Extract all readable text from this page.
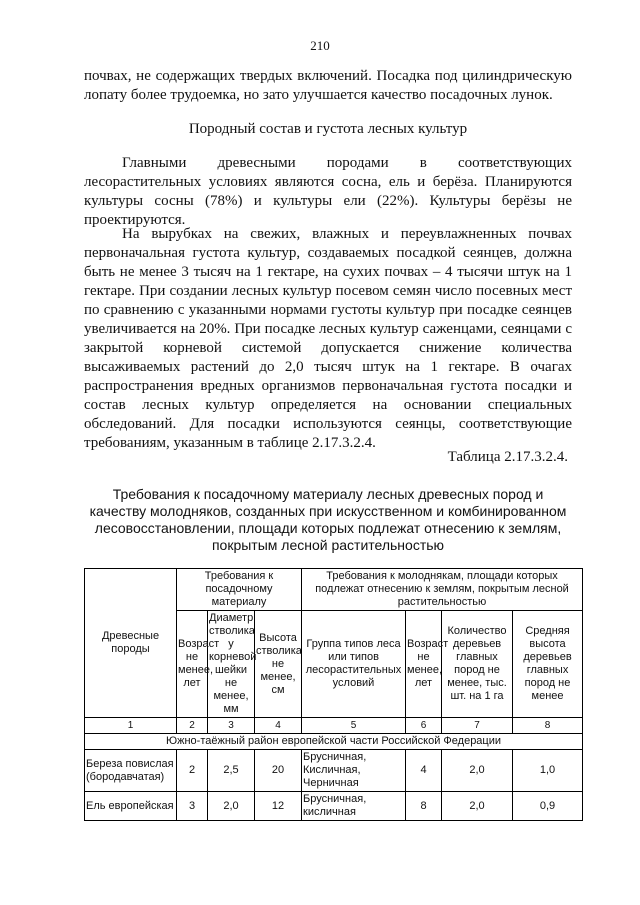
210
почвах, не содержащих твердых включений. Посадка под цилиндрическую лопату более трудоемка, но зато улучшается качество посадочных лунок.
Породный состав и густота лесных культур
Главными древесными породами в соответствующих лесорастительных условиях являются сосна, ель и берёза. Планируются культуры сосны (78%) и культуры ели (22%). Культуры берёзы не проектируются.
На вырубках на свежих, влажных и переувлажненных почвах первоначальная густота культур, создаваемых посадкой сеянцев, должна быть не менее 3 тысяч на 1 гектаре, на сухих почвах – 4 тысячи штук на 1 гектаре. При создании лесных культур посевом семян число посевных мест по сравнению с указанными нормами густоты культур при посадке сеянцев увеличивается на 20%. При посадке лесных культур саженцами, сеянцами с закрытой корневой системой допускается снижение количества высаживаемых растений до 2,0 тысяч штук на 1 гектаре. В очагах распространения вредных организмов первоначальная густота посадки и состав лесных культур определяется на основании специальных обследований. Для посадки используются сеянцы, соответствующие требованиям, указанным в таблице 2.17.3.2.4.
Таблица 2.17.3.2.4.
Требования к посадочному материалу лесных древесных пород и качеству молодняков, созданных при искусственном и комбинированном лесовосстановлении, площади которых подлежат отнесению к землям, покрытым лесной растительностью
Древесные породы	Требования к посадочному материалу			Требования к молоднякам, площади которых подлежат отнесению к землям, покрытым лесной растительностью			
	Возраст не менее, лет	Диаметр стволика у корневой шейки не менее, мм	Высота стволика не менее, см	Группа типов леса или типов лесорастительных условий	Возраст не менее, лет	Количество деревьев главных пород не менее, тыс. шт. на 1 га	Средняя высота деревьев главных пород не менее
1	2	3	4	5	6	7	8
Южно-таёжный район европейской части Российской Федерации							
Береза повислая (бородавчатая)	2	2,5	20	Брусничная, Кисличная, Черничная	4	2,0	1,0
Ель европейская	3	2,0	12	Брусничная, кисличная	8	2,0	0,9
